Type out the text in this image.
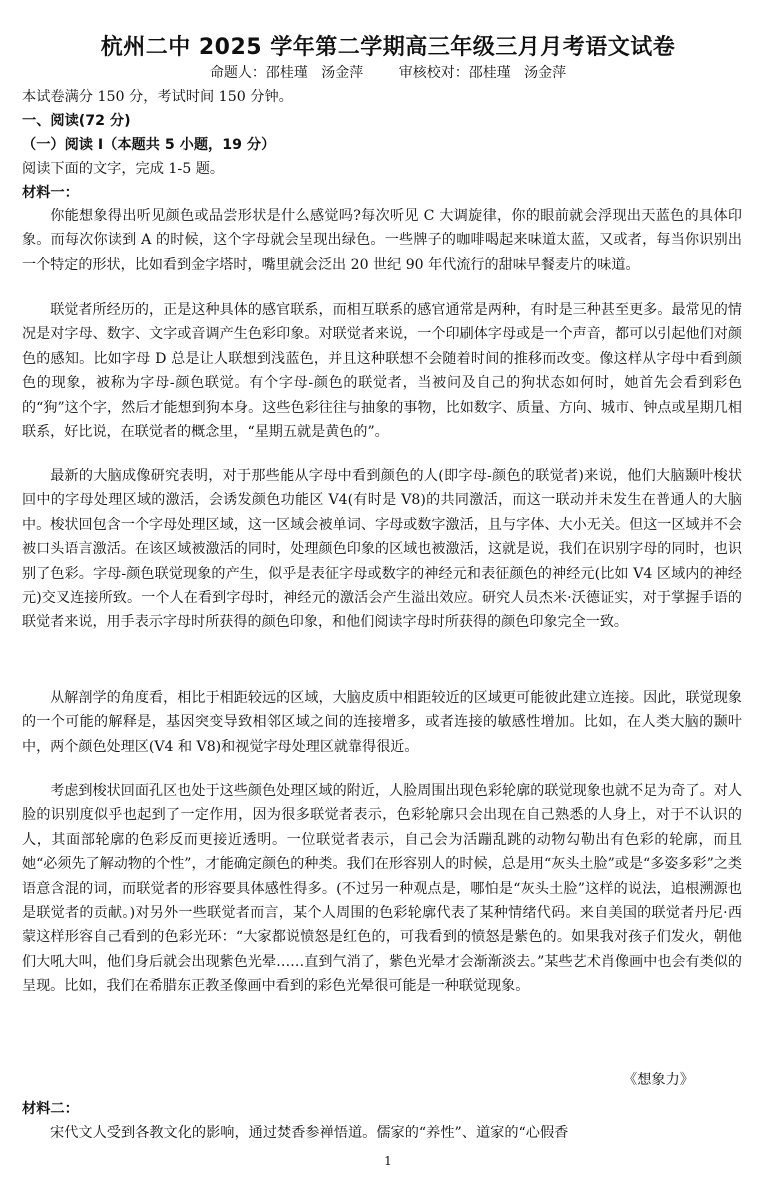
杭州二中 2025 学年第二学期高三年级三月月考语文试卷
命题人：邵桂瑾   汤金萍        审核校对：邵桂瑾   汤金萍
本试卷满分 150 分，考试时间 150 分钟。
一、阅读(72 分)
（一）阅读 I（本题共 5 小题，19 分）
阅读下面的文字，完成 1-5 题。
材料一：

你能想象得出听见颜色或品尝形状是什么感觉吗?每次听见 C 大调旋律，你的眼前就会浮现出天蓝色的具体印象。而每次你读到 A 的时候，这个字母就会呈现出绿色。一些牌子的咖啡喝起来味道太蓝，又或者，每当你识别出一个特定的形状，比如看到金字塔时，嘴里就会泛出 20 世纪 90 年代流行的甜味早餐麦片的味道。

联觉者所经历的，正是这种具体的感官联系，而相互联系的感官通常是两种，有时是三种甚至更多。最常见的情况是对字母、数字、文字或音调产生色彩印象。对联觉者来说，一个印刷体字母或是一个声音，都可以引起他们对颜色的感知。比如字母 D 总是让人联想到浅蓝色，并且这种联想不会随着时间的推移而改变。像这样从字母中看到颜色的现象，被称为字母-颜色联觉。有个字母-颜色的联觉者，当被问及自己的狗状态如何时，她首先会看到彩色的“狗”这个字，然后才能想到狗本身。这些色彩往往与抽象的事物，比如数字、质量、方向、城市、钟点或星期几相联系，好比说，在联觉者的概念里，“星期五就是黄色的”。

最新的大脑成像研究表明，对于那些能从字母中看到颜色的人(即字母-颜色的联觉者)来说，他们大脑颞叶梭状回中的字母处理区域的激活，会诱发颜色功能区 V4(有时是 V8)的共同激活，而这一联动并未发生在普通人的大脑中。梭状回包含一个字母处理区域，这一区域会被单词、字母或数字激活，且与字体、大小无关。但这一区域并不会被口头语言激活。在该区域被激活的同时，处理颜色印象的区域也被激活，这就是说，我们在识别字母的同时，也识别了色彩。字母-颜色联觉现象的产生，似乎是表征字母或数字的神经元和表征颜色的神经元(比如 V4 区域内的神经元)交叉连接所致。一个人在看到字母时，神经元的激活会产生溢出效应。研究人员杰米·沃德证实，对于掌握手语的联觉者来说，用手表示字母时所获得的颜色印象，和他们阅读字母时所获得的颜色印象完全一致。

从解剖学的角度看，相比于相距较远的区域，大脑皮质中相距较近的区域更可能彼此建立连接。因此，联觉现象的一个可能的解释是，基因突变导致相邻区域之间的连接增多，或者连接的敏感性增加。比如，在人类大脑的颞叶中，两个颜色处理区(V4 和 V8)和视觉字母处理区就靠得很近。

考虑到梭状回面孔区也处于这些颜色处理区域的附近，人脸周围出现色彩轮廓的联觉现象也就不足为奇了。对人脸的识别度似乎也起到了一定作用，因为很多联觉者表示，色彩轮廓只会出现在自己熟悉的人身上，对于不认识的人，其面部轮廓的色彩反而更接近透明。一位联觉者表示，自己会为活蹦乱跳的动物勾勒出有色彩的轮廓，而且她“必须先了解动物的个性”，才能确定颜色的种类。我们在形容别人的时候，总是用“灰头土脸”或是“多姿多彩”之类语意含混的词，而联觉者的形容要具体感性得多。(不过另一种观点是，哪怕是“灰头土脸”这样的说法，追根溯源也是联觉者的贡献。)对另外一些联觉者而言，某个人周围的色彩轮廓代表了某种情绪代码。来自美国的联觉者丹尼·西蒙这样形容自己看到的色彩光环：“大家都说愤怒是红色的，可我看到的愤怒是紫色的。如果我对孩子们发火，朝他们大吼大叫，他们身后就会出现紫色光晕……直到气消了，紫色光晕才会渐渐淡去。”某些艺术肖像画中也会有类似的呈现。比如，我们在希腊东正教圣像画中看到的彩色光晕很可能是一种联觉现象。

《想象力》
材料二：
宋代文人受到各教文化的影响，通过焚香参禅悟道。儒家的“养性”、道家的“心假香
1
